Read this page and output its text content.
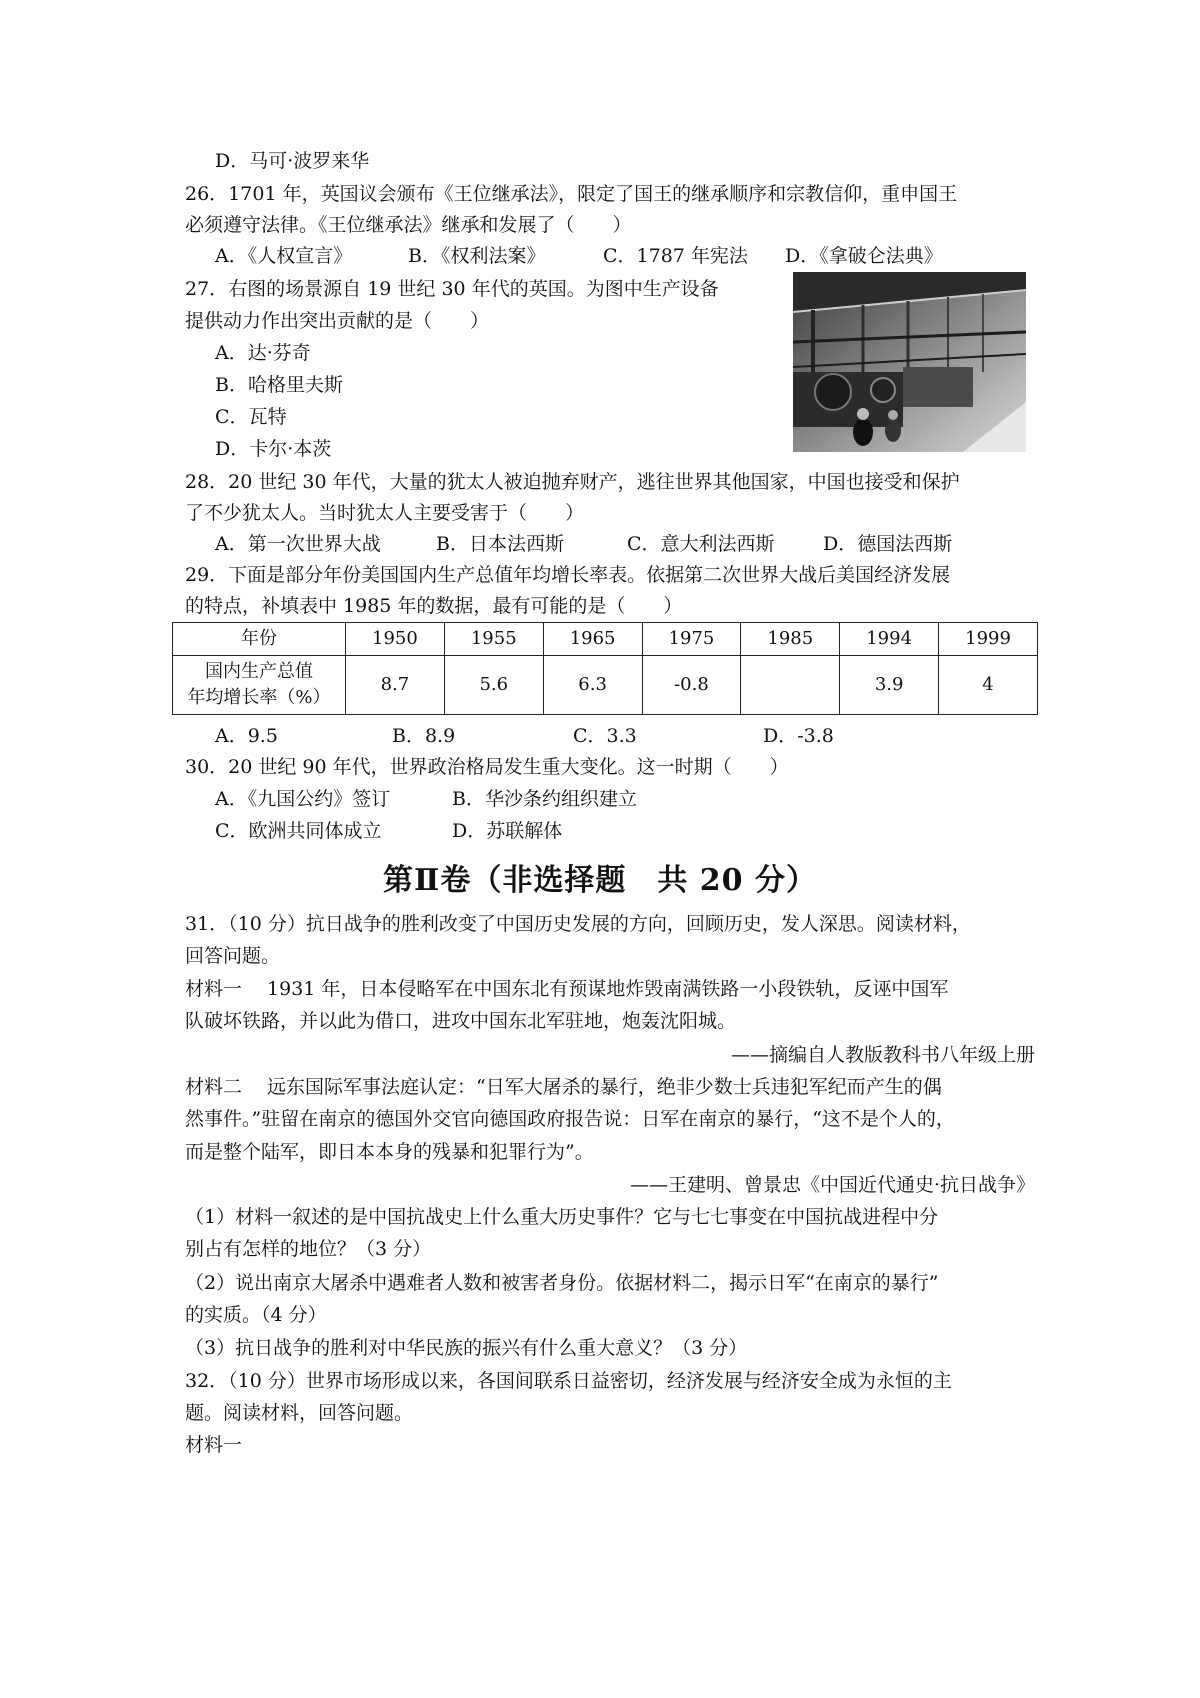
D．马可·波罗来华
26．1701 年，英国议会颁布《王位继承法》，限定了国王的继承顺序和宗教信仰，重申国王
必须遵守法律。《王位继承法》继承和发展了（　　）
A．《人权宣言》	B．《权利法案》	C．1787 年宪法 D．《拿破仑法典》
27．右图的场景源自 19 世纪 30 年代的英国。为图中生产设备
提供动力作出突出贡献的是（　　）
A．达·芬奇
B．哈格里夫斯
C．瓦特
D．卡尔·本茨
28．20 世纪 30 年代，大量的犹太人被迫抛弃财产，逃往世界其他国家，中国也接受和保护
了不少犹太人。当时犹太人主要受害于（　　）
A．第一次世界大战	B．日本法西斯	C．意大利法西斯	D．德国法西斯
29．下面是部分年份美国国内生产总值年均增长率表。依据第二次世界大战后美国经济发展
的特点，补填表中 1985 年的数据，最有可能的是（　　）
年份	1950	1955	1965	1975	1985	1994	1999

国内生产总值
年均增长率（%）	8.7	5.6	6.3	-0.8		3.9	4
A．9.5	B．8.9	C．3.3	D．-3.8
30．20 世纪 90 年代，世界政治格局发生重大变化。这一时期（　　）
A．《九国公约》签订	B．华沙条约组织建立
C．欧洲共同体成立	D．苏联解体
第Ⅱ卷（非选择题　共 20 分）
31．（10 分）抗日战争的胜利改变了中国历史发展的方向，回顾历史，发人深思。阅读材料，
回答问题。
材料一　 1931 年，日本侵略军在中国东北有预谋地炸毁南满铁路一小段铁轨，反诬中国军
队破坏铁路，并以此为借口，进攻中国东北军驻地，炮轰沈阳城。
——摘编自人教版教科书八年级上册
材料二　 远东国际军事法庭认定：“日军大屠杀的暴行，绝非少数士兵违犯军纪而产生的偶
然事件。”驻留在南京的德国外交官向德国政府报告说：日军在南京的暴行，“这不是个人的，
而是整个陆军，即日本本身的残暴和犯罪行为”。
——王建明、曾景忠《中国近代通史·抗日战争》
（1）材料一叙述的是中国抗战史上什么重大历史事件？它与七七事变在中国抗战进程中分
别占有怎样的地位？（3 分）
（2）说出南京大屠杀中遇难者人数和被害者身份。依据材料二，揭示日军“在南京的暴行”
的实质。（4 分）
（3）抗日战争的胜利对中华民族的振兴有什么重大意义？（3 分）
32．（10 分）世界市场形成以来，各国间联系日益密切，经济发展与经济安全成为永恒的主
题。阅读材料，回答问题。
材料一
